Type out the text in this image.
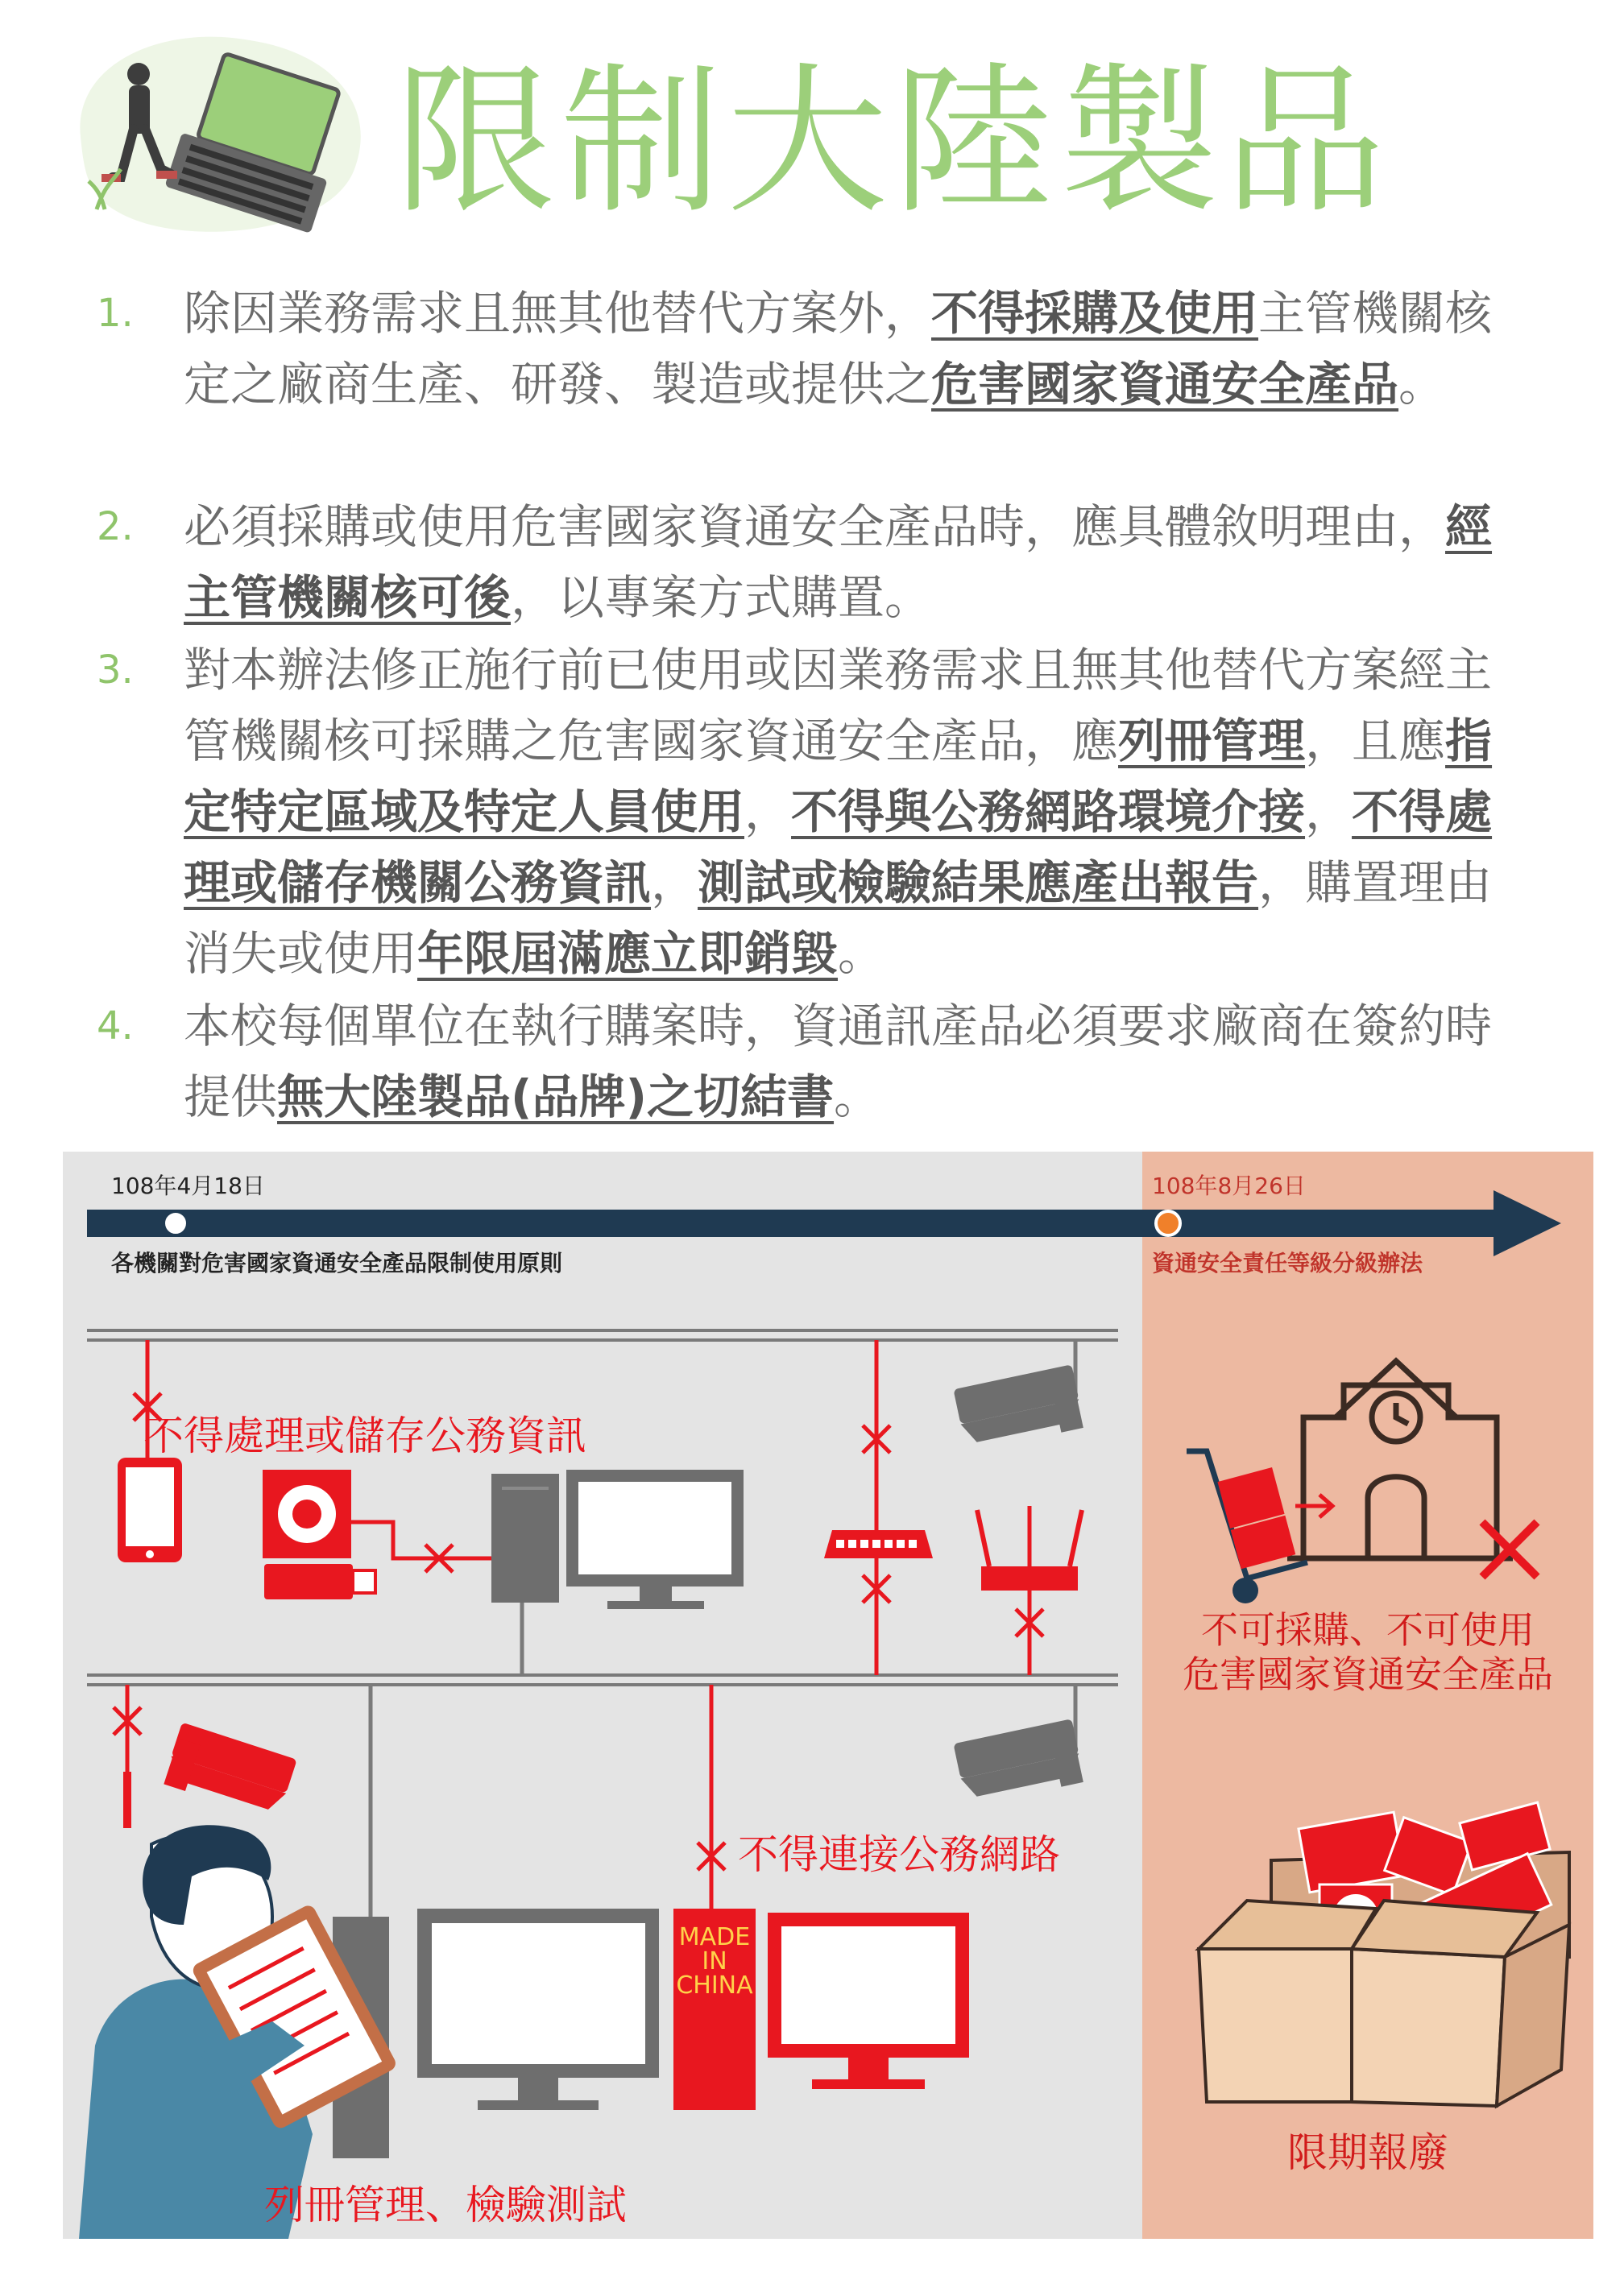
限制大陸製品
1. 除因業務需求且無其他替代方案外，不得採購及使用主管機關核定之廠商生產、研發、製造或提供之危害國家資通安全產品。
2. 必須採購或使用危害國家資通安全產品時，應具體敘明理由，經主管機關核可後，以專案方式購置。
3. 對本辦法修正施行前已使用或因業務需求且無其他替代方案經主管機關核可採購之危害國家資通安全產品，應列冊管理，且應指定特定區域及特定人員使用，不得與公務網路環境介接，不得處理或儲存機關公務資訊，測試或檢驗結果應產出報告，購置理由消失或使用年限屆滿應立即銷毀。
4. 本校每個單位在執行購案時，資通訊產品必須要求廠商在簽約時提供無大陸製品(品牌)之切結書。
108年4月18日
各機關對危害國家資通安全產品限制使用原則
108年8月26日
資通安全責任等級分級辦法
MADE
IN
CHINA
不可採購、不可使用
危害國家資通安全產品
不得處理或儲存公務資訊
不得連接公務網路
列冊管理、檢驗測試
限期報廢
